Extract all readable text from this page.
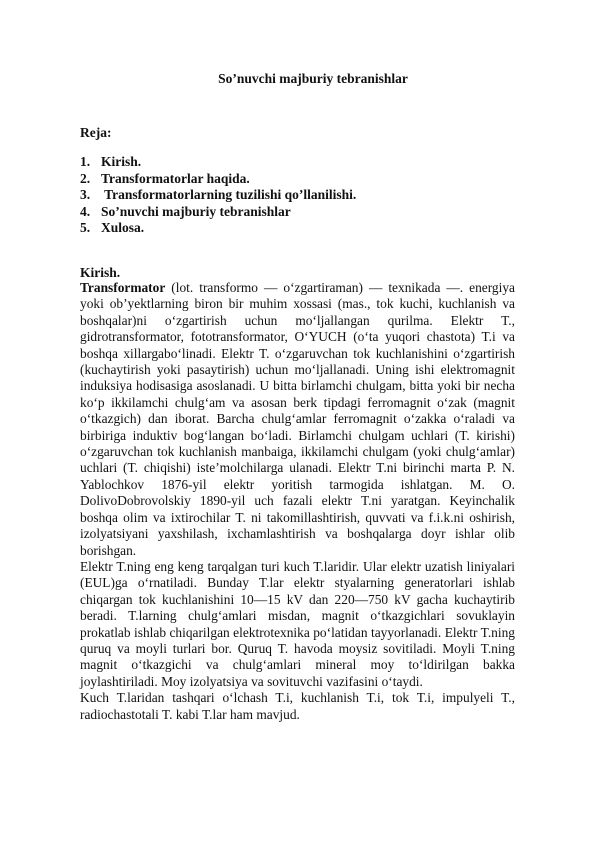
So’nuvchi majburiy tebranishlar
Reja:
1. Kirish.
2. Transformatorlar haqida.
3. Transformatorlarning tuzilishi qo’llanilishi.
4. So’nuvchi majburiy tebranishlar
5. Xulosa.
Kirish.

Transformator (lot. transformo — oʻzgartiraman) — texnikada —. energiya yoki obʼyektlarning biron bir muhim xossasi (mas., tok kuchi, kuchlanish va boshqalar)ni oʻzgartirish uchun moʻljallangan qurilma. Elektr T., gidrotransformator, fototransformator, OʻYUCH (oʻta yuqori chastota) T.i va boshqa xillargaboʻlinadi. Elektr T. oʻzgaruvchan tok kuchlanishini oʻzgartirish (kuchaytirish yoki pasaytirish) uchun moʻljallanadi. Uning ishi elektromagnit induksiya hodisasiga asoslanadi. U bitta birlamchi chulgam, bitta yoki bir necha koʻp ikkilamchi chulgʻam va asosan berk tipdagi ferromagnit oʻzak (magnit oʻtkazgich) dan iborat. Barcha chulgʻamlar ferromagnit oʻzakka oʻraladi va birbiriga induktiv bogʻlangan boʻladi. Birlamchi chulgam uchlari (T. kirishi) oʻzgaruvchan tok kuchlanish manbaiga, ikkilamchi chulgam (yoki chulgʻamlar) uchlari (T. chiqishi) isteʼmolchilarga ulanadi. Elektr T.ni birinchi marta P. N. Yablochkov 1876-yil elektr yoritish tarmogida ishlatgan. M. O. DolivoDobrovolskiy 1890-yil uch fazali elektr T.ni yaratgan. Keyinchalik boshqa olim va ixtirochilar T. ni takomillashtirish, quvvati va f.i.k.ni oshirish, izolyatsiyani yaxshilash, ixchamlashtirish va boshqalarga doyr ishlar olib borishgan.

Elektr T.ning eng keng tarqalgan turi kuch T.laridir. Ular elektr uzatish liniyalari (EUL)ga oʻrnatiladi. Bunday T.lar elektr styalarning generatorlari ishlab chiqargan tok kuchlanishini 10—15 kV dan 220—750 kV gacha kuchaytirib beradi. T.larning chulgʻamlari misdan, magnit oʻtkazgichlari sovuklayin prokatlab ishlab chiqarilgan elektrotexnika poʻlatidan tayyorlanadi. Elektr T.ning quruq va moyli turlari bor. Quruq T. havoda moysiz sovitiladi. Moyli T.ning magnit oʻtkazgichi va chulgʻamlari mineral moy toʻldirilgan bakka joylashtiriladi. Moy izolyatsiya va sovituvchi vazifasini oʻtaydi.

Kuch T.laridan tashqari oʻlchash T.i, kuchlanish T.i, tok T.i, impulyeli T., radiochastotali T. kabi T.lar ham mavjud.
